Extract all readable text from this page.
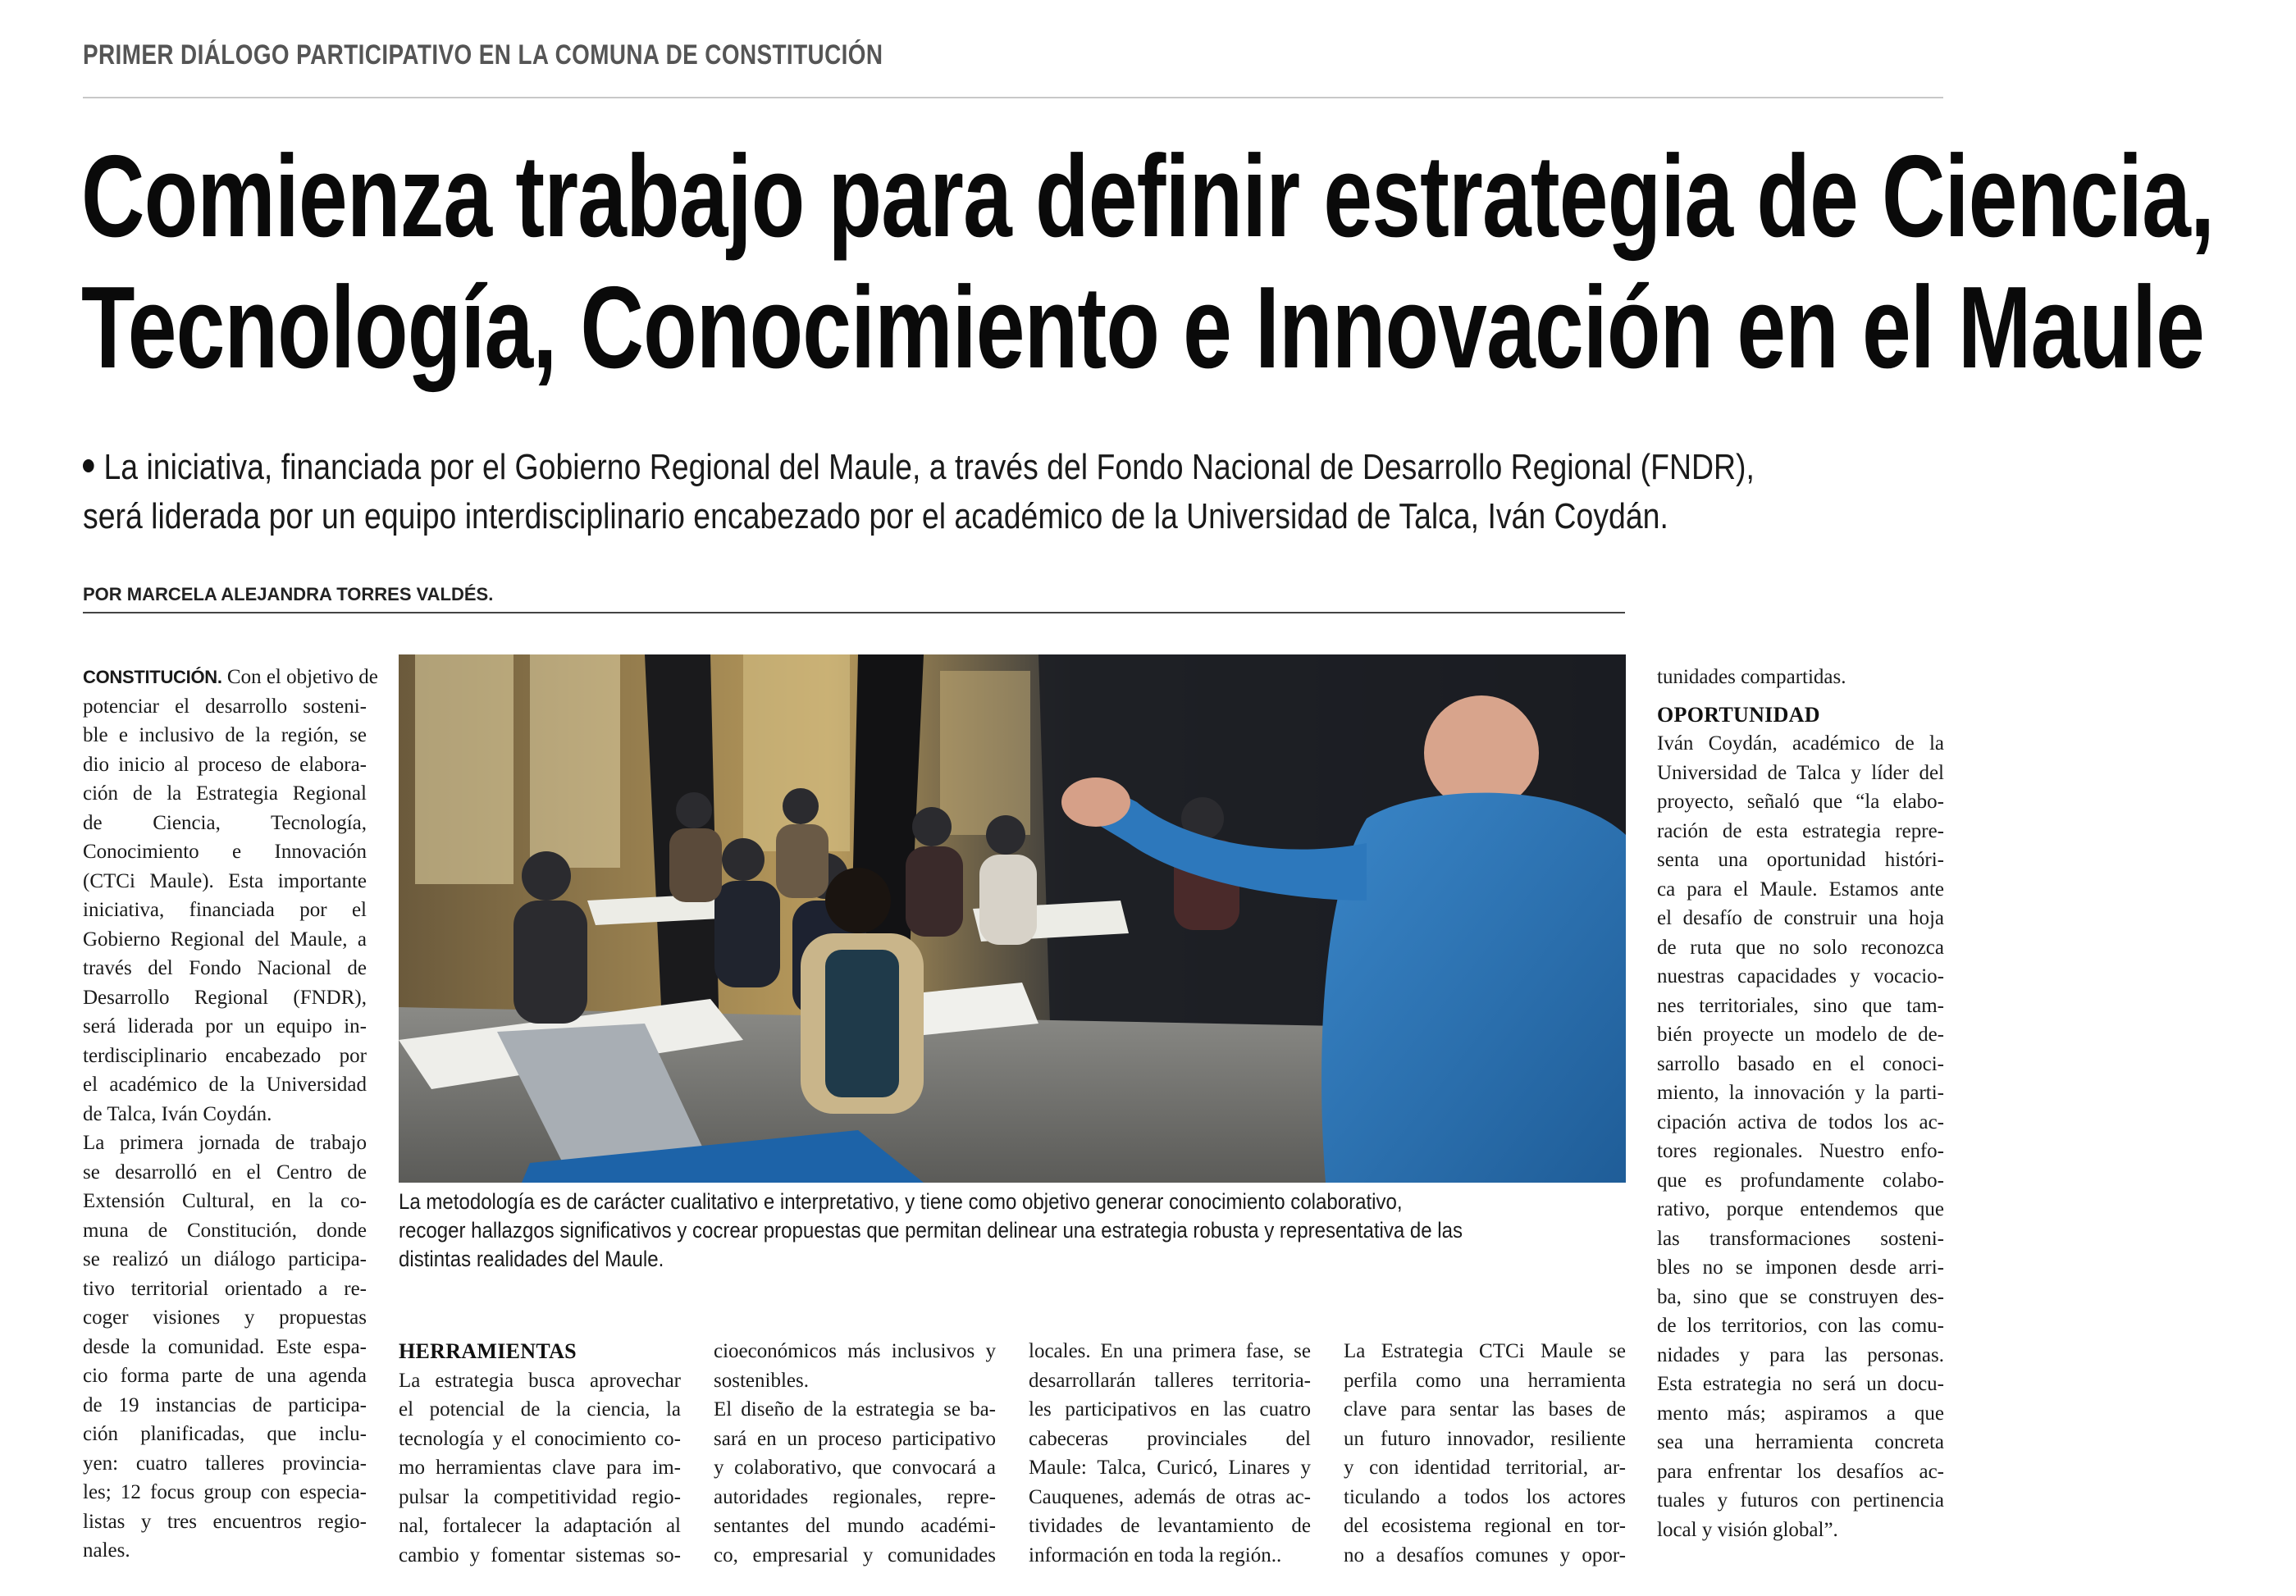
PRIMER DIÁLOGO PARTICIPATIVO EN LA COMUNA DE CONSTITUCIÓN
Comienza trabajo para definir estrategia de Ciencia,
Tecnología, Conocimiento e Innovación en el Maule
La iniciativa, financiada por el Gobierno Regional del Maule, a través del Fondo Nacional de Desarrollo Regional (FNDR),
será liderada por un equipo interdisciplinario encabezado por el académico de la Universidad de Talca, Iván Coydán.
POR MARCELA ALEJANDRA TORRES VALDÉS.
CONSTITUCIÓN. Con el objetivo de
potenciar el desarrollo sosteni-
ble e inclusivo de la región, se
dio inicio al proceso de elabora-
ción de la Estrategia Regional
de Ciencia, Tecnología,
Conocimiento e Innovación
(CTCi Maule). Esta importante
iniciativa, financiada por el
Gobierno Regional del Maule, a
través del Fondo Nacional de
Desarrollo Regional (FNDR),
será liderada por un equipo in-
terdisciplinario encabezado por
el académico de la Universidad
de Talca, Iván Coydán.
La primera jornada de trabajo
se desarrolló en el Centro de
Extensión Cultural, en la co-
muna de Constitución, donde
se realizó un diálogo participa-
tivo territorial orientado a re-
coger visiones y propuestas
desde la comunidad. Este espa-
cio forma parte de una agenda
de 19 instancias de participa-
ción planificadas, que inclu-
yen: cuatro talleres provincia-
les; 12 focus group con especia-
listas y tres encuentros regio-
nales.
La metodología es de carácter cualitativo e interpretativo, y tiene como objetivo generar conocimiento colaborativo,
recoger hallazgos significativos y cocrear propuestas que permitan delinear una estrategia robusta y representativa de las
distintas realidades del Maule.
HERRAMIENTAS
La estrategia busca aprovechar
el potencial de la ciencia, la
tecnología y el conocimiento co-
mo herramientas clave para im-
pulsar la competitividad regio-
nal, fortalecer la adaptación al
cambio y fomentar sistemas so-
cioeconómicos más inclusivos y
sostenibles.
El diseño de la estrategia se ba-
sará en un proceso participativo
y colaborativo, que convocará a
autoridades regionales, repre-
sentantes del mundo académi-
co, empresarial y comunidades
locales. En una primera fase, se
desarrollarán talleres territoria-
les participativos en las cuatro
cabeceras provinciales del
Maule: Talca, Curicó, Linares y
Cauquenes, además de otras ac-
tividades de levantamiento de
información en toda la región..
La Estrategia CTCi Maule se
perfila como una herramienta
clave para sentar las bases de
un futuro innovador, resiliente
y con identidad territorial, ar-
ticulando a todos los actores
del ecosistema regional en tor-
no a desafíos comunes y opor-
tunidades compartidas.
OPORTUNIDAD
Iván Coydán, académico de la
Universidad de Talca y líder del
proyecto, señaló que “la elabo-
ración de esta estrategia repre-
senta una oportunidad históri-
ca para el Maule. Estamos ante
el desafío de construir una hoja
de ruta que no solo reconozca
nuestras capacidades y vocacio-
nes territoriales, sino que tam-
bién proyecte un modelo de de-
sarrollo basado en el conoci-
miento, la innovación y la parti-
cipación activa de todos los ac-
tores regionales. Nuestro enfo-
que es profundamente colabo-
rativo, porque entendemos que
las transformaciones sosteni-
bles no se imponen desde arri-
ba, sino que se construyen des-
de los territorios, con las comu-
nidades y para las personas.
Esta estrategia no será un docu-
mento más; aspiramos a que
sea una herramienta concreta
para enfrentar los desafíos ac-
tuales y futuros con pertinencia
local y visión global”.
